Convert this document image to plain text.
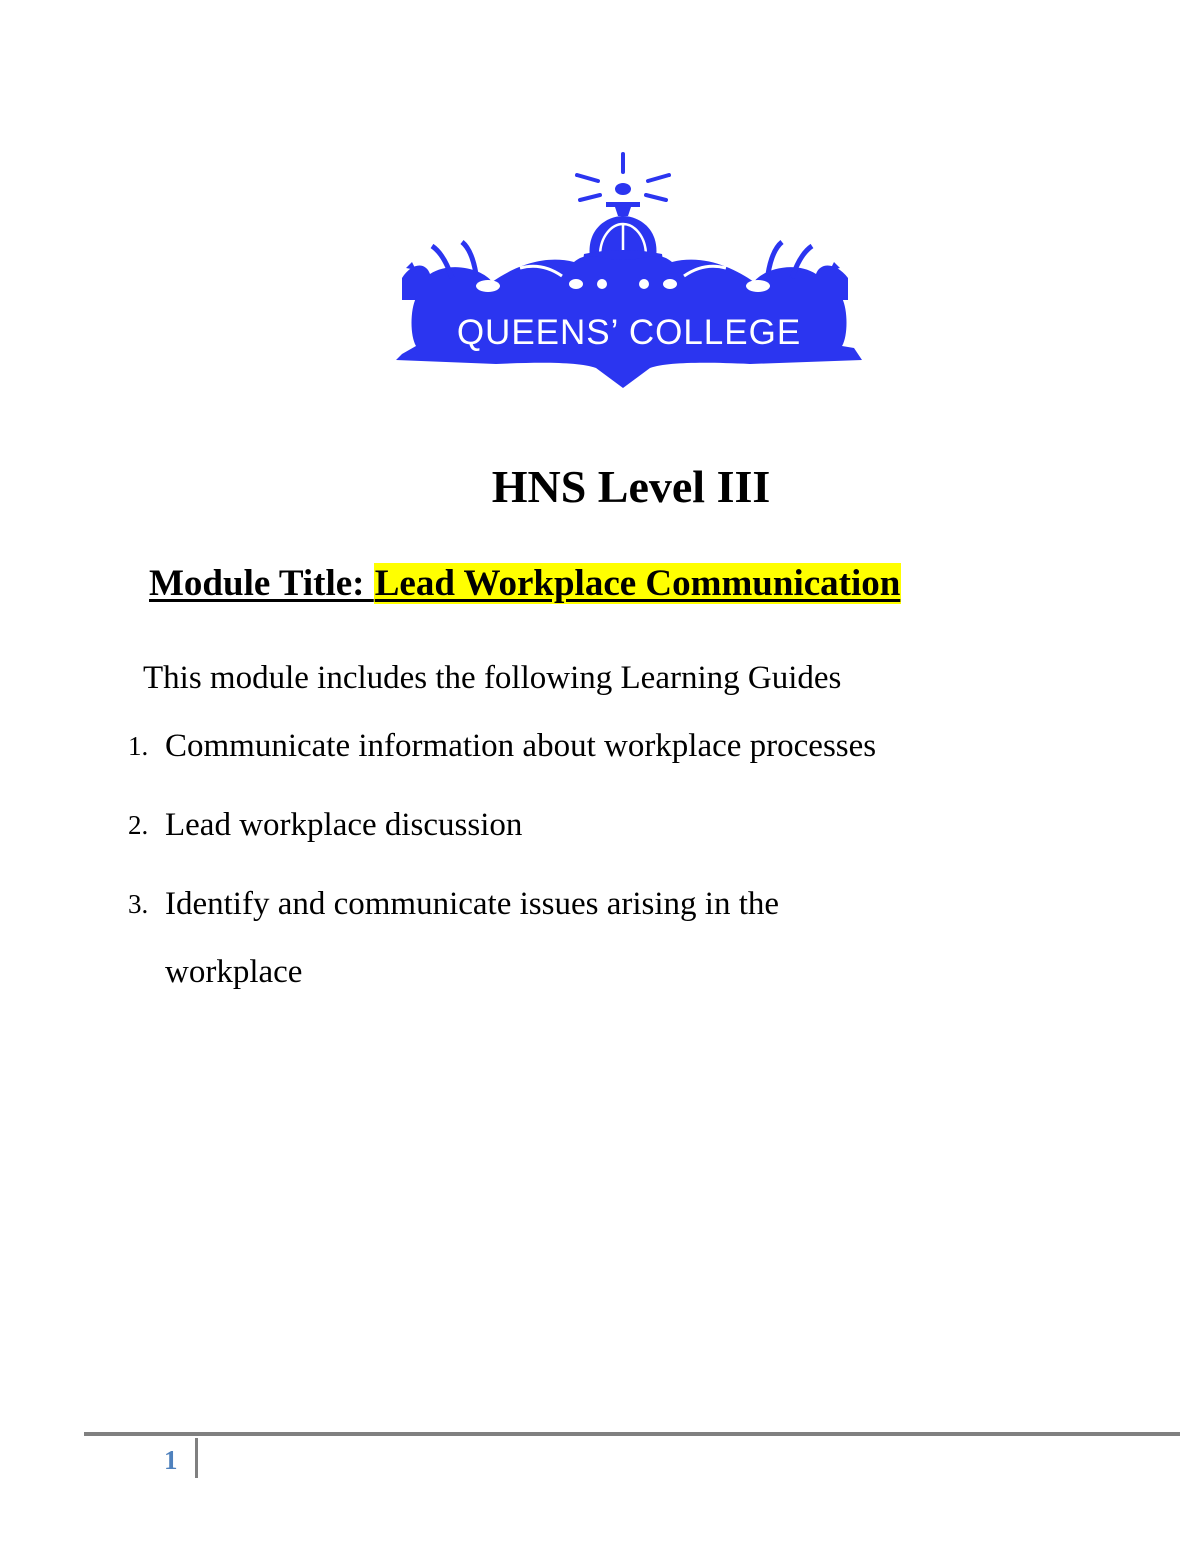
QUEENS’ COLLEGE
HNS Level III

Module Title: Lead Workplace Communication

This module includes the following Learning Guides

1. Communicate information about workplace processes
2. Lead workplace discussion
3. Identify and communicate issues arising in the workplace
1
